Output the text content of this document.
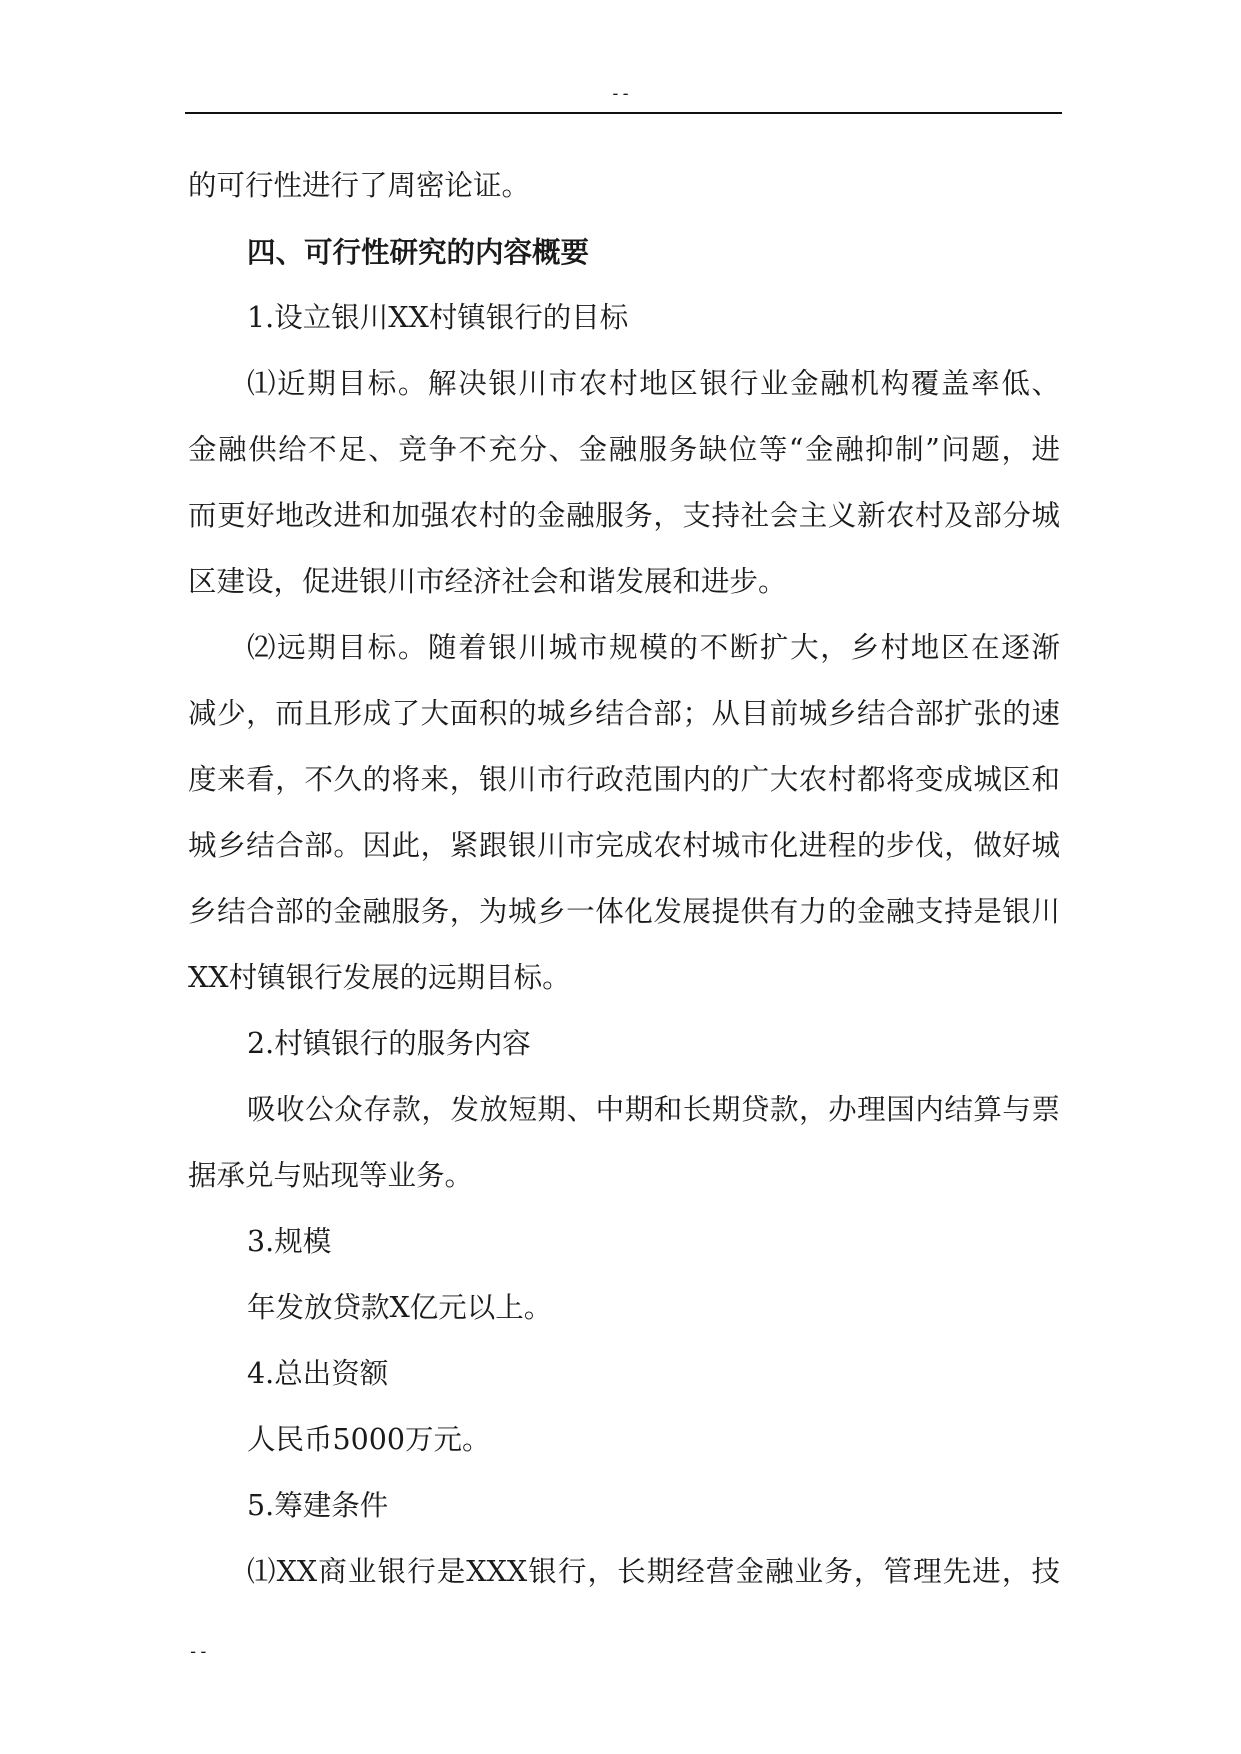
--
的可行性进行了周密论证。
四、可行性研究的内容概要
1.设立银川XX村镇银行的目标
⑴近期目标。解决银川市农村地区银行业金融机构覆盖率低、
金融供给不足、竞争不充分、金融服务缺位等“金融抑制”问题，进
而更好地改进和加强农村的金融服务，支持社会主义新农村及部分城
区建设，促进银川市经济社会和谐发展和进步。
⑵远期目标。随着银川城市规模的不断扩大，乡村地区在逐渐
减少，而且形成了大面积的城乡结合部；从目前城乡结合部扩张的速
度来看，不久的将来，银川市行政范围内的广大农村都将变成城区和
城乡结合部。因此，紧跟银川市完成农村城市化进程的步伐，做好城
乡结合部的金融服务，为城乡一体化发展提供有力的金融支持是银川
XX村镇银行发展的远期目标。
2.村镇银行的服务内容
吸收公众存款，发放短期、中期和长期贷款，办理国内结算与票
据承兑与贴现等业务。
3.规模
年发放贷款X亿元以上。
4.总出资额
人民币5000万元。
5.筹建条件
⑴XX商业银行是XXX银行，长期经营金融业务，管理先进，技
--
